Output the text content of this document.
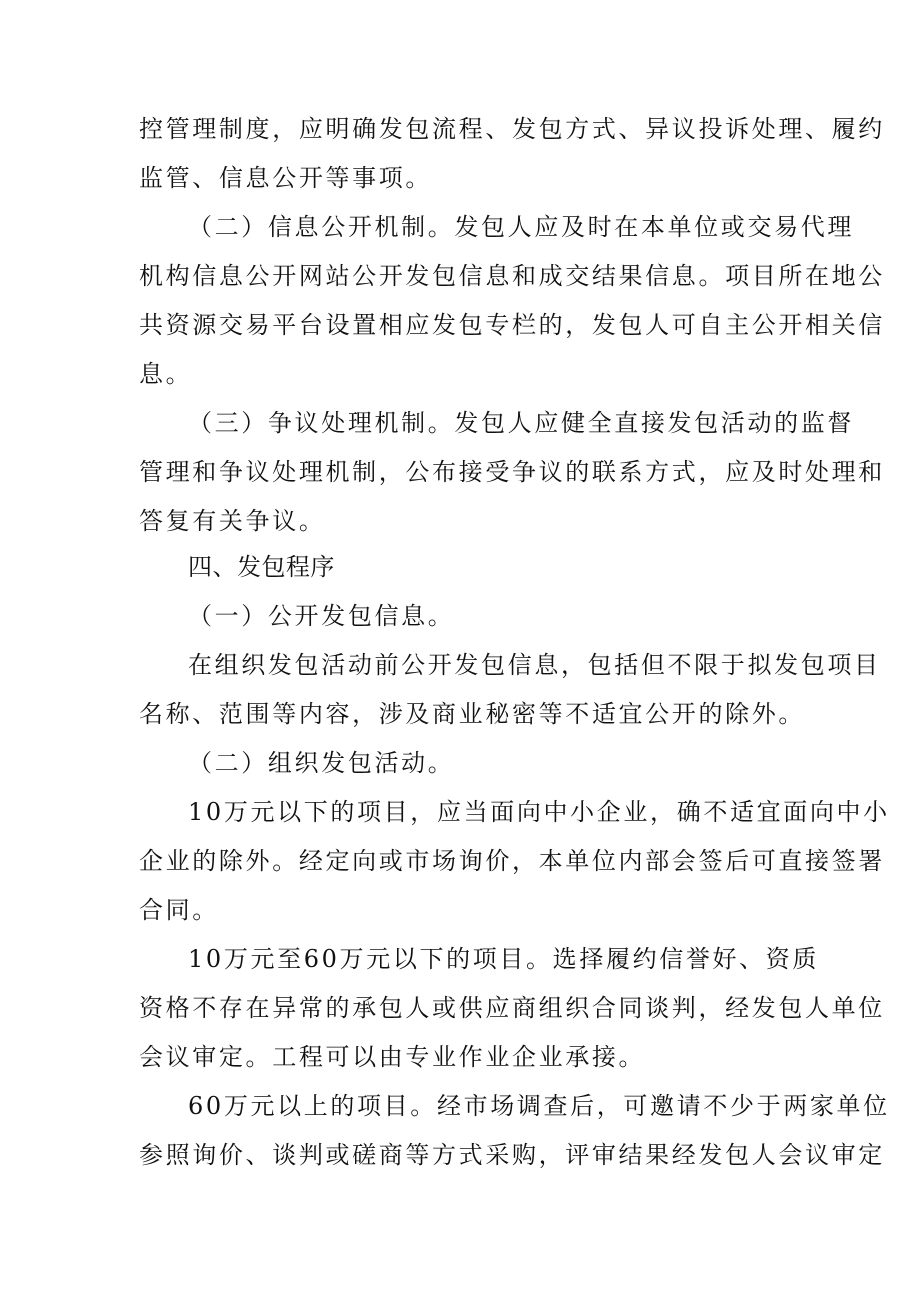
控管理制度，应明确发包流程、发包方式、异议投诉处理、履约
监管、信息公开等事项。
（二）信息公开机制。发包人应及时在本单位或交易代理
机构信息公开网站公开发包信息和成交结果信息。项目所在地公
共资源交易平台设置相应发包专栏的，发包人可自主公开相关信
息。
（三）争议处理机制。发包人应健全直接发包活动的监督
管理和争议处理机制，公布接受争议的联系方式，应及时处理和
答复有关争议。
四、发包程序
（一）公开发包信息。
在组织发包活动前公开发包信息，包括但不限于拟发包项目
名称、范围等内容，涉及商业秘密等不适宜公开的除外。
（二）组织发包活动。
10万元以下的项目，应当面向中小企业，确不适宜面向中小
企业的除外。经定向或市场询价，本单位内部会签后可直接签署
合同。
10万元至60万元以下的项目。选择履约信誉好、资质
资格不存在异常的承包人或供应商组织合同谈判，经发包人单位
会议审定。工程可以由专业作业企业承接。
60万元以上的项目。经市场调查后，可邀请不少于两家单位
参照询价、谈判或磋商等方式采购，评审结果经发包人会议审定
